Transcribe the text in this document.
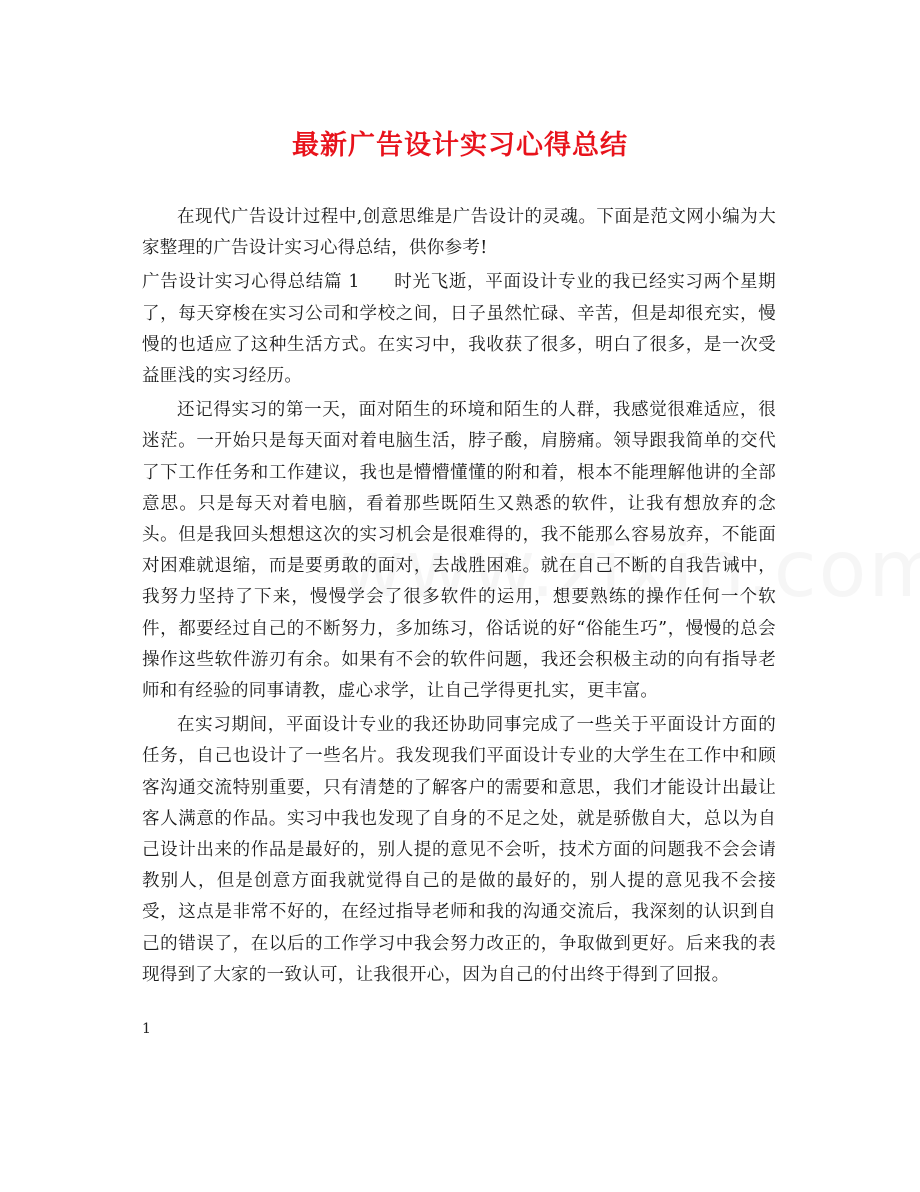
最新广告设计实习心得总结

在现代广告设计过程中,创意思维是广告设计的灵魂。下面是范文网小编为大家整理的广告设计实习心得总结，供你参考!

广告设计实习心得总结篇 1 时光飞逝，平面设计专业的我已经实习两个星期了，每天穿梭在实习公司和学校之间，日子虽然忙碌、辛苦，但是却很充实，慢慢的也适应了这种生活方式。在实习中，我收获了很多，明白了很多，是一次受益匪浅的实习经历。

还记得实习的第一天，面对陌生的环境和陌生的人群，我感觉很难适应，很迷茫。一开始只是每天面对着电脑生活，脖子酸，肩膀痛。领导跟我简单的交代了下工作任务和工作建议，我也是懵懵懂懂的附和着，根本不能理解他讲的全部意思。只是每天对着电脑，看着那些既陌生又熟悉的软件，让我有想放弃的念头。但是我回头想想这次的实习机会是很难得的，我不能那么容易放弃，不能面对困难就退缩，而是要勇敢的面对，去战胜困难。就在自己不断的自我告诫中，我努力坚持了下来，慢慢学会了很多软件的运用，想要熟练的操作任何一个软件，都要经过自己的不断努力，多加练习，俗话说的好“俗能生巧”，慢慢的总会操作这些软件游刃有余。如果有不会的软件问题，我还会积极主动的向有指导老师和有经验的同事请教，虚心求学，让自己学得更扎实，更丰富。

在实习期间，平面设计专业的我还协助同事完成了一些关于平面设计方面的任务，自己也设计了一些名片。我发现我们平面设计专业的大学生在工作中和顾客沟通交流特别重要，只有清楚的了解客户的需要和意思，我们才能设计出最让客人满意的作品。实习中我也发现了自身的不足之处，就是骄傲自大，总以为自己设计出来的作品是最好的，别人提的意见不会听，技术方面的问题我不会会请教别人，但是创意方面我就觉得自己的是做的最好的，别人提的意见我不会接受，这点是非常不好的，在经过指导老师和我的沟通交流后，我深刻的认识到自己的错误了，在以后的工作学习中我会努力改正的，争取做到更好。后来我的表现得到了大家的一致认可，让我很开心，因为自己的付出终于得到了回报。

1
